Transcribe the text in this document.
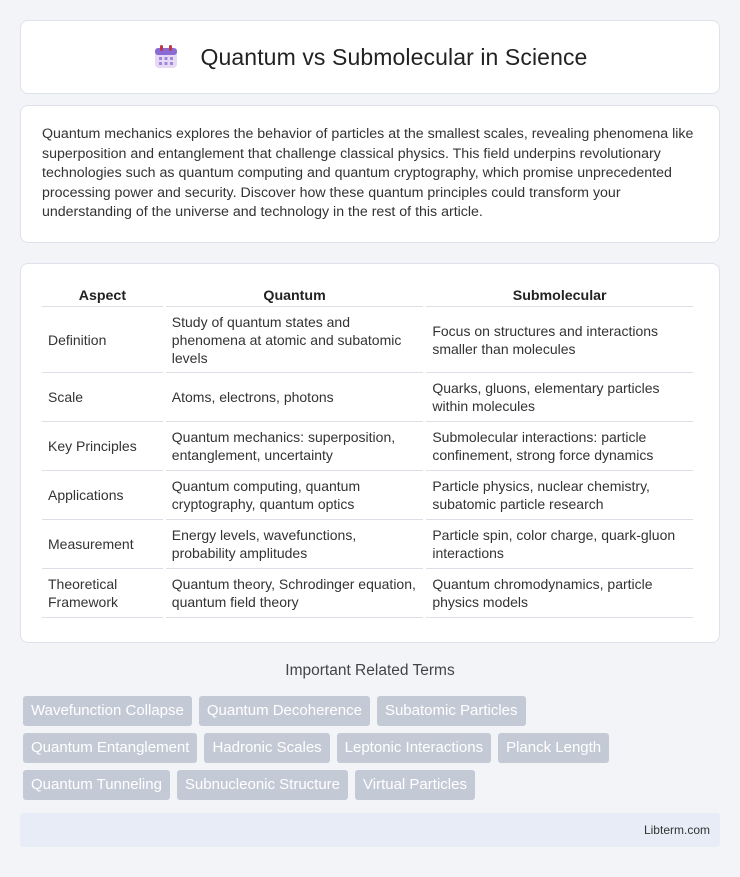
Quantum vs Submolecular in Science

Quantum mechanics explores the behavior of particles at the smallest scales, revealing phenomena like superposition and entanglement that challenge classical physics. This field underpins revolutionary technologies such as quantum computing and quantum cryptography, which promise unprecedented processing power and security. Discover how these quantum principles could transform your understanding of the universe and technology in the rest of this article.

Aspect	Quantum	Submolecular
Definition	Study of quantum states and phenomena at atomic and subatomic levels	Focus on structures and interactions smaller than molecules
Scale	Atoms, electrons, photons	Quarks, gluons, elementary particles within molecules
Key Principles	Quantum mechanics: superposition, entanglement, uncertainty	Submolecular interactions: particle confinement, strong force dynamics
Applications	Quantum computing, quantum cryptography, quantum optics	Particle physics, nuclear chemistry, subatomic particle research
Measurement	Energy levels, wavefunctions, probability amplitudes	Particle spin, color charge, quark-gluon interactions
Theoretical Framework	Quantum theory, Schrodinger equation, quantum field theory	Quantum chromodynamics, particle physics models
Important Related Terms
Wavefunction Collapse	Quantum Decoherence	Subatomic Particles
Quantum Entanglement	Hadronic Scales	Leptonic Interactions	Planck Length
Quantum Tunneling	Subnucleonic Structure	Virtual Particles
Libterm.com
